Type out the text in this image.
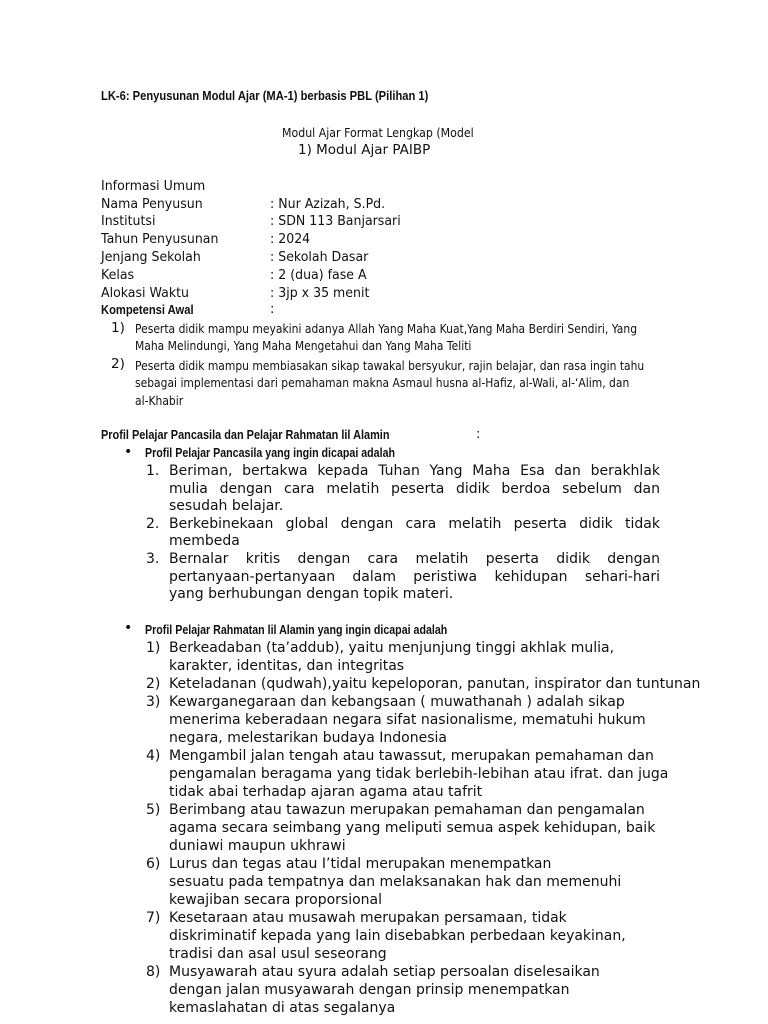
LK-6: Penyusunan Modul Ajar (MA-1) berbasis PBL (Pilihan 1)
Modul Ajar Format Lengkap (Model
1) Modul Ajar PAIBP
Informasi Umum
Nama Penyusun	: Nur Azizah, S.Pd.
Institutsi	: SDN 113 Banjarsari
Tahun Penyusunan	: 2024
Jenjang Sekolah	: Sekolah Dasar
Kelas	: 2 (dua) fase A
Alokasi Waktu	: 3jp x 35 menit
Kompetensi Awal	:
1) Peserta didik mampu meyakini adanya Allah Yang Maha Kuat,Yang Maha Berdiri Sendiri, Yang
Maha Melindungi, Yang Maha Mengetahui dan Yang Maha Teliti
2) Peserta didik mampu membiasakan sikap tawakal bersyukur, rajin belajar, dan rasa ingin tahu
sebagai implementasi dari pemahaman makna Asmaul husna al-Hafiz, al-Wali, al-‘Alim, dan
al-Khabir
Profil Pelajar Pancasila dan Pelajar Rahmatan lil Alamin	:
• Profil Pelajar Pancasila yang ingin dicapai adalah
1. Beriman, bertakwa kepada Tuhan Yang Maha Esa dan berakhlak
mulia dengan cara melatih peserta didik berdoa sebelum dan
sesudah belajar.
2. Berkebinekaan global dengan cara melatih peserta didik tidak
membeda
3. Bernalar kritis dengan cara melatih peserta didik dengan
pertanyaan-pertanyaan dalam peristiwa kehidupan sehari-hari
yang berhubungan dengan topik materi.
• Profil Pelajar Rahmatan lil Alamin yang ingin dicapai adalah
1) Berkeadaban (ta’addub), yaitu menjunjung tinggi akhlak mulia,
karakter, identitas, dan integritas
2) Keteladanan (qudwah),yaitu kepeloporan, panutan, inspirator dan tuntunan
3) Kewarganegaraan dan kebangsaan ( muwathanah ) adalah sikap
menerima keberadaan negara sifat nasionalisme, mematuhi hukum
negara, melestarikan budaya Indonesia
4) Mengambil jalan tengah atau tawassut, merupakan pemahaman dan
pengamalan beragama yang tidak berlebih-lebihan atau ifrat. dan juga
tidak abai terhadap ajaran agama atau tafrit
5) Berimbang atau tawazun merupakan pemahaman dan pengamalan
agama secara seimbang yang meliputi semua aspek kehidupan, baik
duniawi maupun ukhrawi
6) Lurus dan tegas atau I’tidal merupakan menempatkan
sesuatu pada tempatnya dan melaksanakan hak dan memenuhi
kewajiban secara proporsional
7) Kesetaraan atau musawah merupakan persamaan, tidak
diskriminatif kepada yang lain disebabkan perbedaan keyakinan,
tradisi dan asal usul seseorang
8) Musyawarah atau syura adalah setiap persoalan diselesaikan
dengan jalan musyawarah dengan prinsip menempatkan
kemaslahatan di atas segalanya
